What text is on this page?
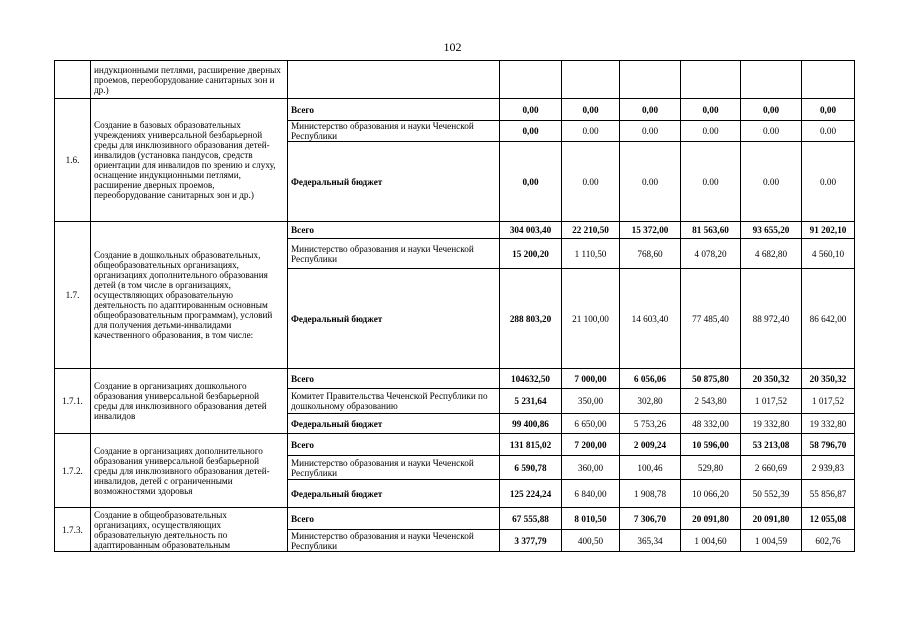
102
	индукционными петлями, расширение дверных проемов, переоборудование санитарных зон и др.)							
1.6.	Создание в базовых образовательных учреждениях универсальной безбарьерной среды для инклюзивного образования детей-инвалидов (установка пандусов, средств ориентации для инвалидов по зрению и слуху, оснащение индукционными петлями, расширение дверных проемов, переоборудование санитарных зон и др.)	Всего	0,00	0,00	0,00	0,00	0,00	0,00
		Министерство образования и науки Чеченской Республики	0,00	0.00	0.00	0.00	0.00	0.00
		Федеральный бюджет	0,00	0.00	0.00	0.00	0.00	0.00
1.7.	Создание в дошкольных образовательных, общеобразовательных организациях, организациях дополнительного образования детей (в том числе в организациях, осуществляющих образовательную деятельность по адаптированным основным общеобразовательным программам), условий для получения детьми-инвалидами качественного образования, в том числе:	Всего	304 003,40	22 210,50	15 372,00	81 563,60	93 655,20	91 202,10
		Министерство образования и науки Чеченской Республики	15 200,20	1 110,50	768,60	4 078,20	4 682,80	4 560,10
		Федеральный бюджет	288 803,20	21 100,00	14 603,40	77 485,40	88 972,40	86 642,00
1.7.1.	Создание в организациях дошкольного образования универсальной безбарьерной среды для инклюзивного образования детей инвалидов	Всего	104632,50	7 000,00	6 056,06	50 875,80	20 350,32	20 350,32
		Комитет Правительства Чеченской Республики по дошкольному образованию	5 231,64	350,00	302,80	2 543,80	1 017,52	1 017,52
		Федеральный бюджет	99 400,86	6 650,00	5 753,26	48 332,00	19 332,80	19 332,80
1.7.2.	Создание в организациях дополнительного образования универсальной безбарьерной среды для инклюзивного образования детей-инвалидов, детей с ограниченными возможностями здоровья	Всего	131 815,02	7 200,00	2 009,24	10 596,00	53 213,08	58 796,70
		Министерство образования и науки Чеченской Республики	6 590,78	360,00	100,46	529,80	2 660,69	2 939,83
		Федеральный бюджет	125 224,24	6 840,00	1 908,78	10 066,20	50 552,39	55 856,87
1.7.3.	Создание в общеобразовательных организациях, осуществляющих образовательную деятельность по адаптированным образовательным	Всего	67 555,88	8 010,50	7 306,70	20 091,80	20 091,80	12 055,08
		Министерство образования и науки Чеченской Республики	3 377,79	400,50	365,34	1 004,60	1 004,59	602,76
